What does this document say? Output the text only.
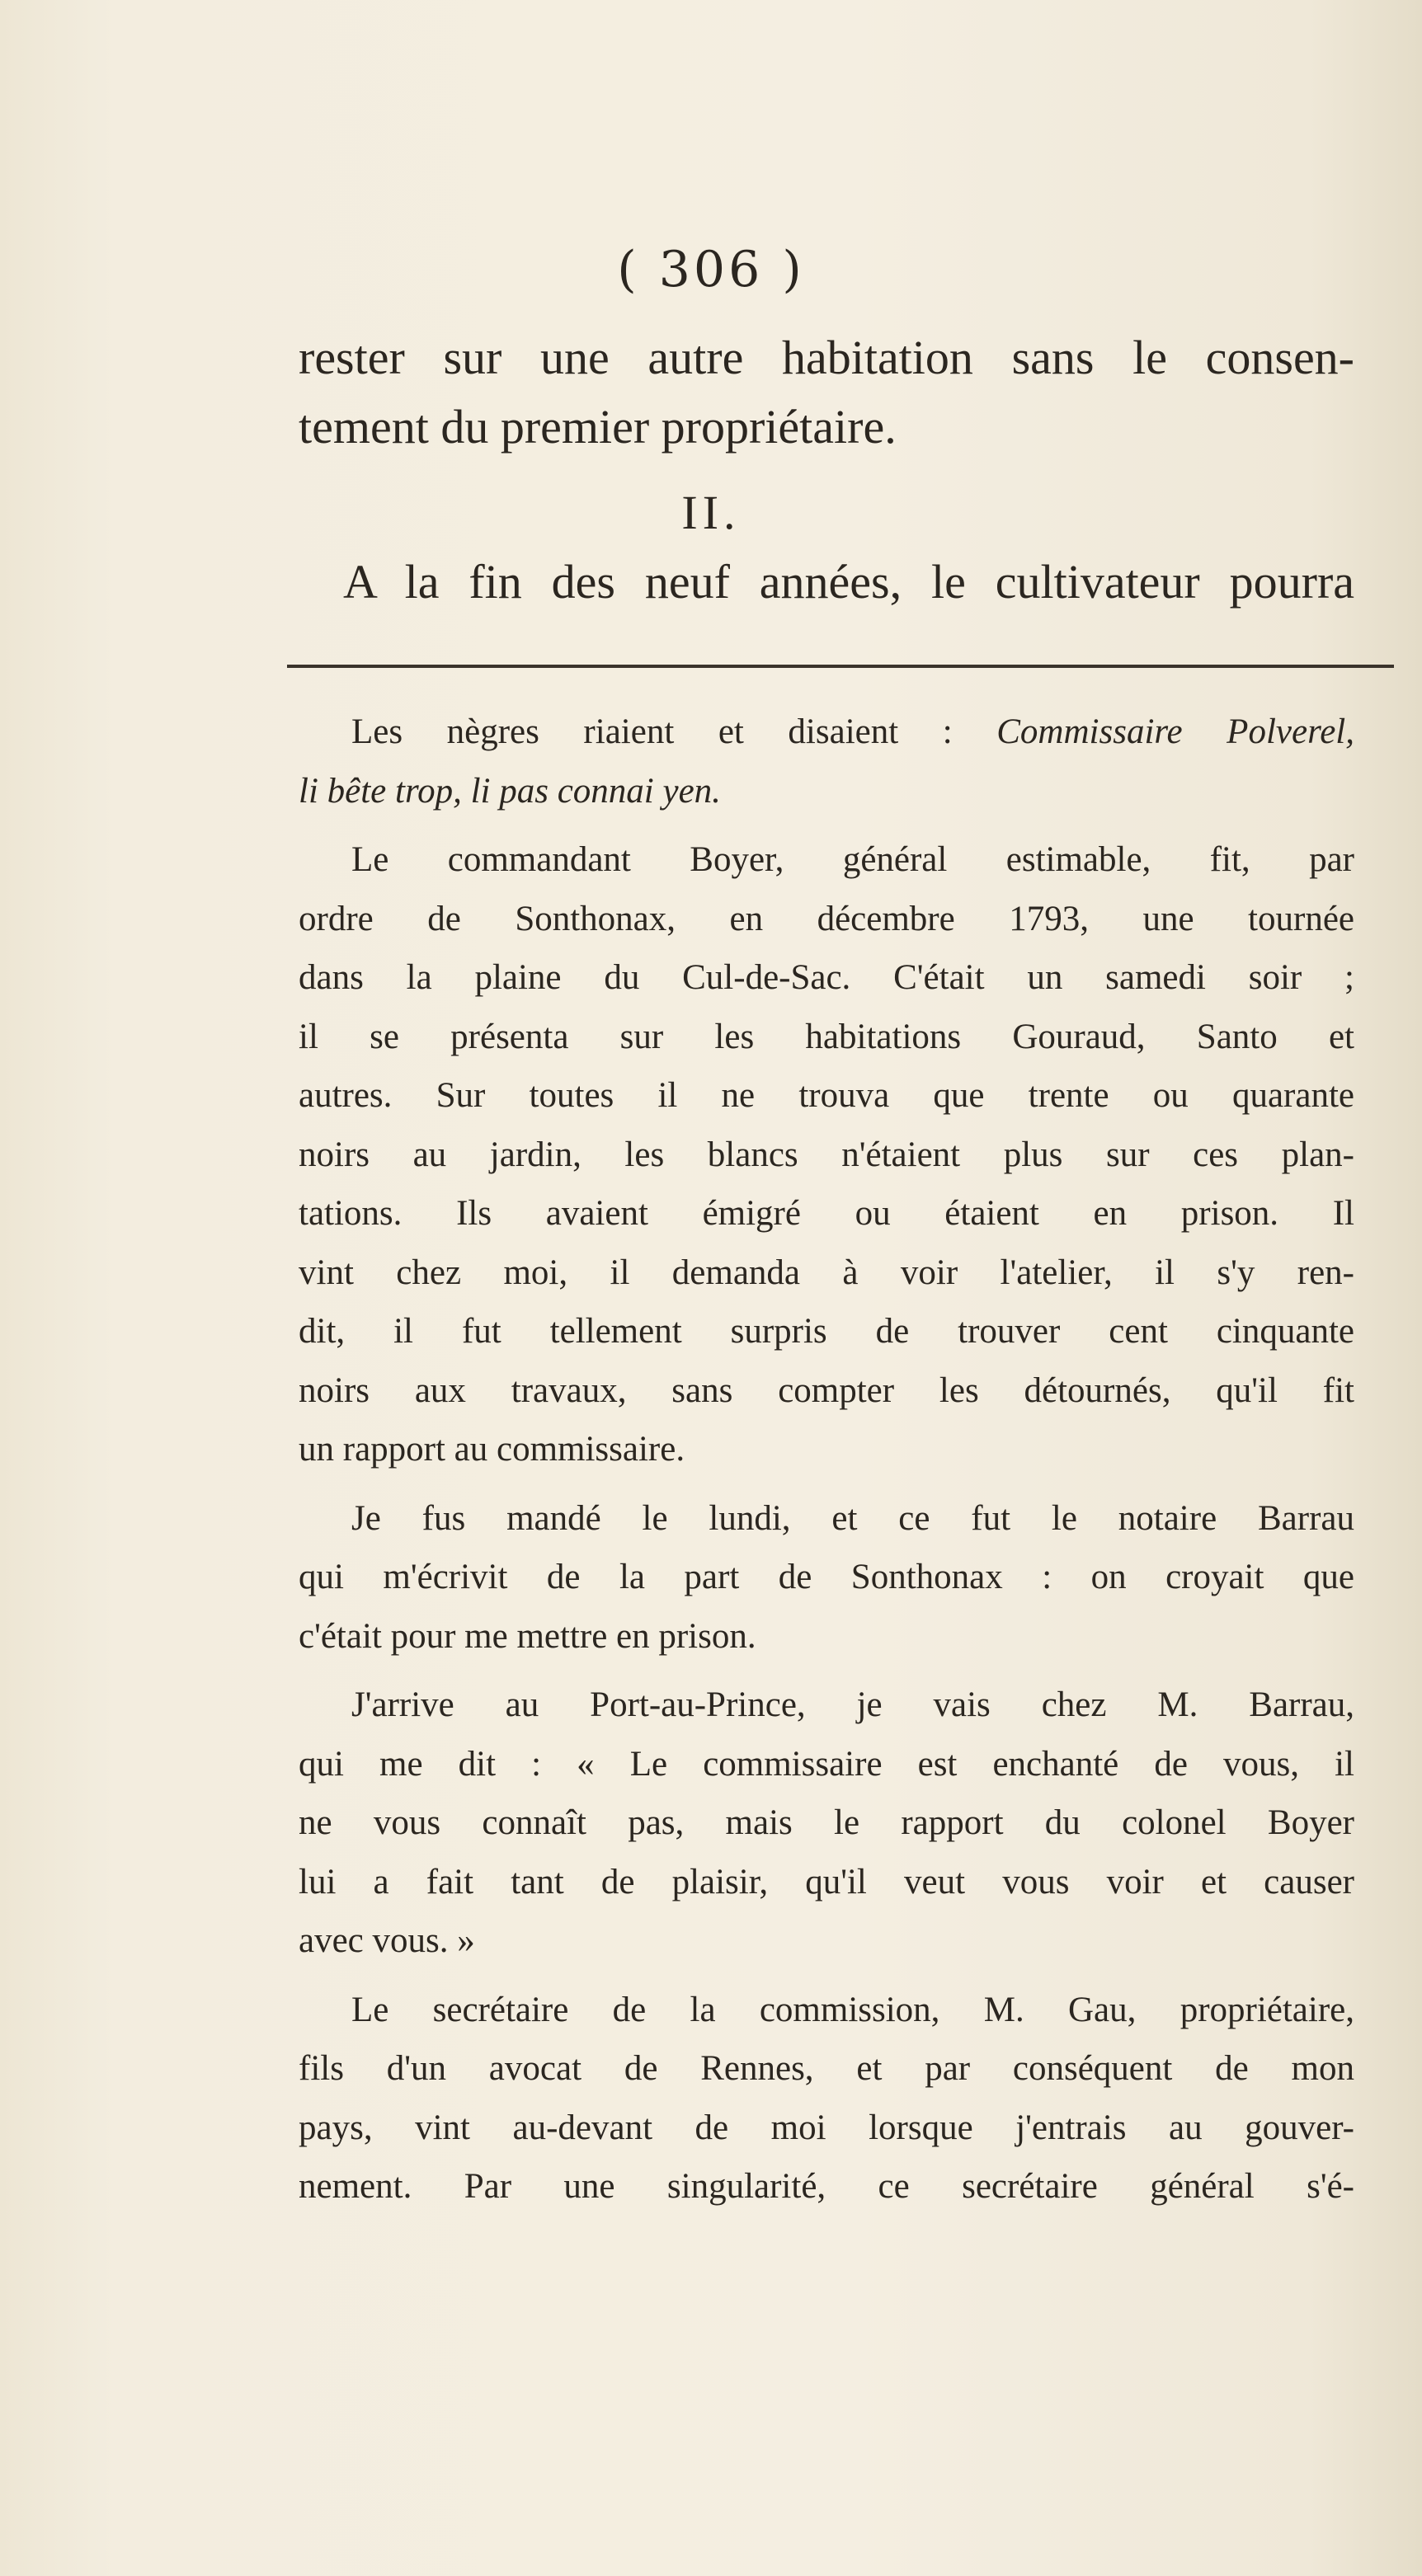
( 306 )
rester sur une autre habitation sans le consen-
tement du premier propriétaire.
II.
A la fin des neuf années, le cultivateur pourra
Les nègres riaient et disaient : Commissaire Polverel,
li bête trop, li pas connai yen.
Le commandant Boyer, général estimable, fit, par
ordre de Sonthonax, en décembre 1793, une tournée
dans la plaine du Cul-de-Sac. C'était un samedi soir ;
il se présenta sur les habitations Gouraud, Santo et
autres. Sur toutes il ne trouva que trente ou quarante
noirs au jardin, les blancs n'étaient plus sur ces plan-
tations. Ils avaient émigré ou étaient en prison. Il
vint chez moi, il demanda à voir l'atelier, il s'y ren-
dit, il fut tellement surpris de trouver cent cinquante
noirs aux travaux, sans compter les détournés, qu'il fit
un rapport au commissaire.
Je fus mandé le lundi, et ce fut le notaire Barrau
qui m'écrivit de la part de Sonthonax : on croyait que
c'était pour me mettre en prison.
J'arrive au Port-au-Prince, je vais chez M. Barrau,
qui me dit : « Le commissaire est enchanté de vous, il
ne vous connaît pas, mais le rapport du colonel Boyer
lui a fait tant de plaisir, qu'il veut vous voir et causer
avec vous. »
Le secrétaire de la commission, M. Gau, propriétaire,
fils d'un avocat de Rennes, et par conséquent de mon
pays, vint au-devant de moi lorsque j'entrais au gouver-
nement. Par une singularité, ce secrétaire général s'é-
